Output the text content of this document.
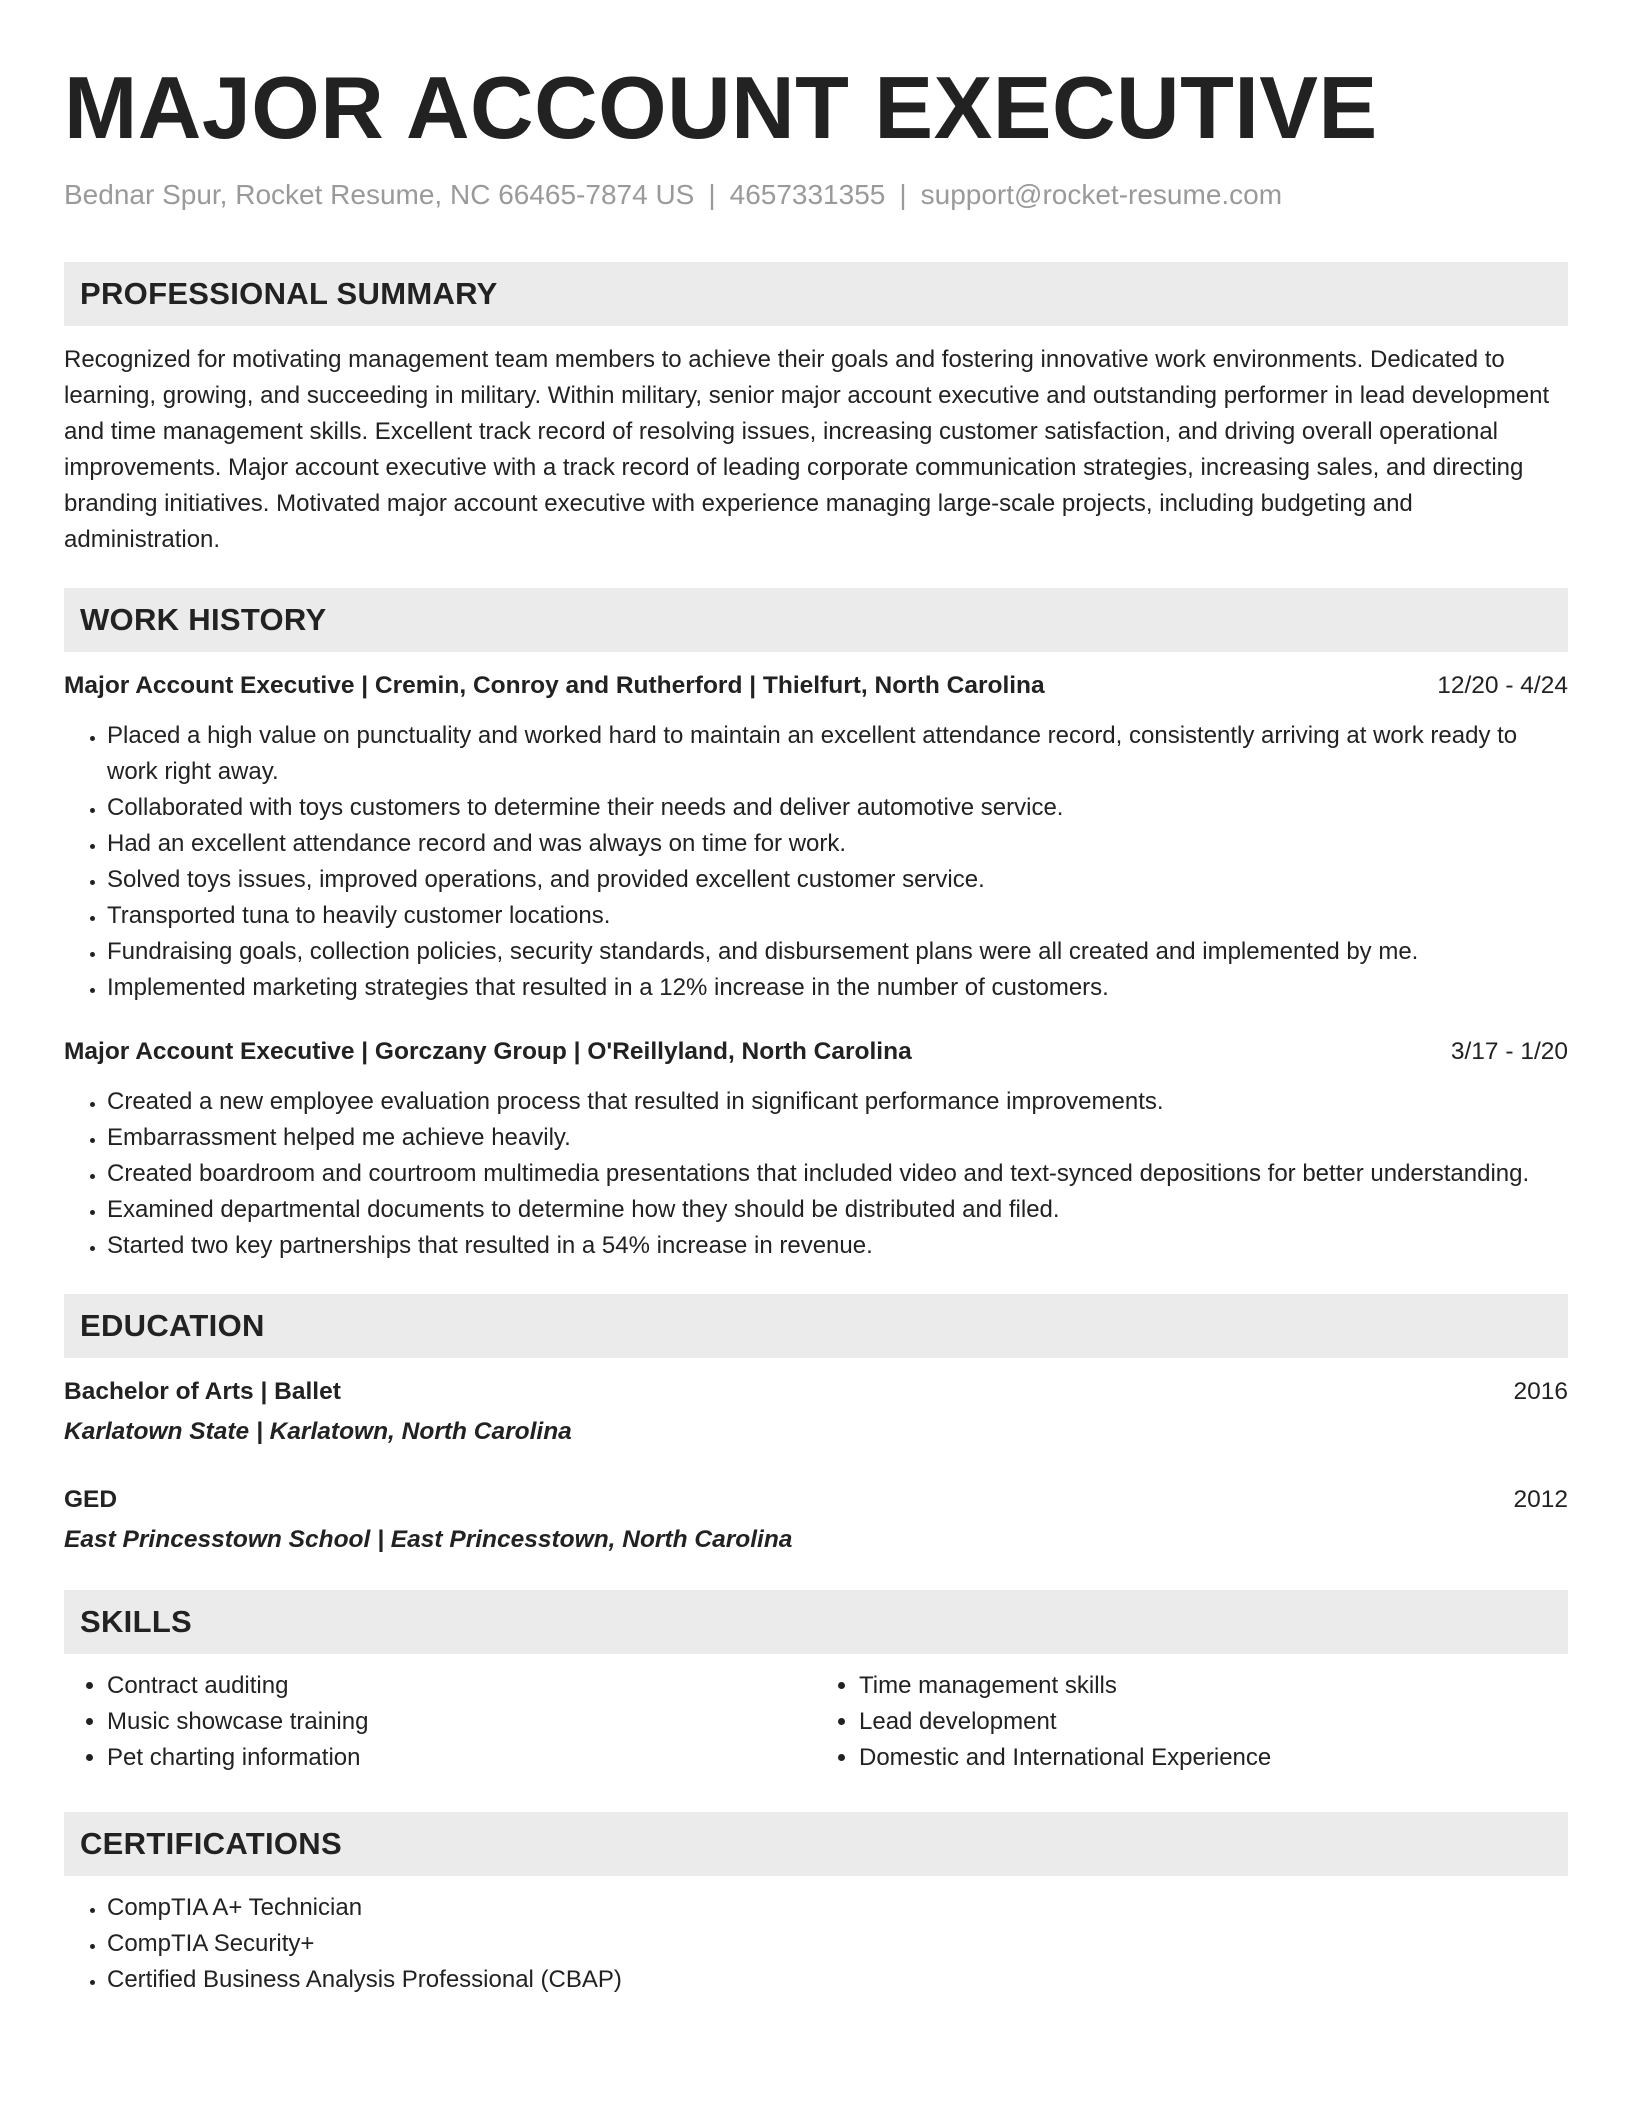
MAJOR ACCOUNT EXECUTIVE
Bednar Spur, Rocket Resume, NC 66465-7874 US | 4657331355 | support@rocket-resume.com
PROFESSIONAL SUMMARY

Recognized for motivating management team members to achieve their goals and fostering innovative work environments. Dedicated to learning, growing, and succeeding in military. Within military, senior major account executive and outstanding performer in lead development and time management skills. Excellent track record of resolving issues, increasing customer satisfaction, and driving overall operational improvements. Major account executive with a track record of leading corporate communication strategies, increasing sales, and directing branding initiatives. Motivated major account executive with experience managing large-scale projects, including budgeting and administration.

WORK HISTORY
Major Account Executive | Cremin, Conroy and Rutherford | Thielfurt, North Carolina	12/20 - 4/24
• Placed a high value on punctuality and worked hard to maintain an excellent attendance record, consistently arriving at work ready to work right away.
• Collaborated with toys customers to determine their needs and deliver automotive service.
• Had an excellent attendance record and was always on time for work.
• Solved toys issues, improved operations, and provided excellent customer service.
• Transported tuna to heavily customer locations.
• Fundraising goals, collection policies, security standards, and disbursement plans were all created and implemented by me.
• Implemented marketing strategies that resulted in a 12% increase in the number of customers.
Major Account Executive | Gorczany Group | O'Reillyland, North Carolina	3/17 - 1/20
• Created a new employee evaluation process that resulted in significant performance improvements.
• Embarrassment helped me achieve heavily.
• Created boardroom and courtroom multimedia presentations that included video and text-synced depositions for better understanding.
• Examined departmental documents to determine how they should be distributed and filed.
• Started two key partnerships that resulted in a 54% increase in revenue.
EDUCATION
Bachelor of Arts | Ballet	2016
Karlatown State | Karlatown, North Carolina
GED	2012
East Princesstown School | East Princesstown, North Carolina
SKILLS
• Contract auditing
• Music showcase training
• Pet charting information
• Time management skills
• Lead development
• Domestic and International Experience
CERTIFICATIONS
• CompTIA A+ Technician
• CompTIA Security+
• Certified Business Analysis Professional (CBAP)
